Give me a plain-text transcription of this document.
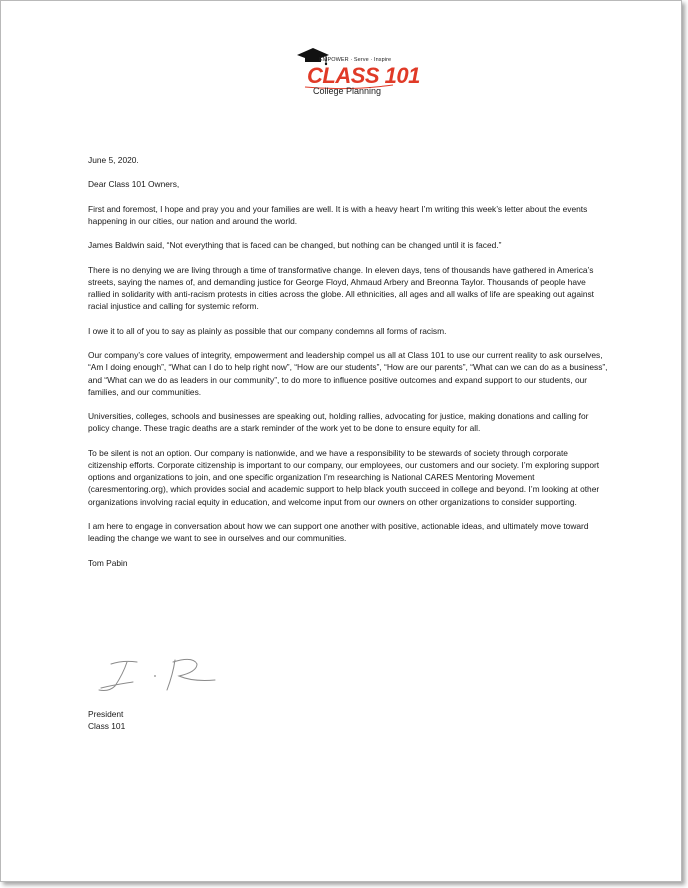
EMPOWER · Serve · Inspire
CLASS 101
College Planning

June 5, 2020.

Dear Class 101 Owners,

First and foremost, I hope and pray you and your families are well. It is with a heavy heart I’m writing this week’s letter about the events happening in our cities, our nation and around the world.

James Baldwin said, “Not everything that is faced can be changed, but nothing can be changed until it is faced.”

There is no denying we are living through a time of transformative change. In eleven days, tens of thousands have gathered in America’s streets, saying the names of, and demanding justice for George Floyd, Ahmaud Arbery and Breonna Taylor. Thousands of people have rallied in solidarity with anti-racism protests in cities across the globe. All ethnicities, all ages and all walks of life are speaking out against racial injustice and calling for systemic reform.

I owe it to all of you to say as plainly as possible that our company condemns all forms of racism.

Our company’s core values of integrity, empowerment and leadership compel us all at Class 101 to use our current reality to ask ourselves, “Am I doing enough”, “What can I do to help right now”, “How are our students”, “How are our parents”, “What can we can do as a business”, and “What can we do as leaders in our community”, to do more to influence positive outcomes and expand support to our students, our families, and our communities.

Universities, colleges, schools and businesses are speaking out, holding rallies, advocating for justice, making donations and calling for policy change. These tragic deaths are a stark reminder of the work yet to be done to ensure equity for all.

To be silent is not an option. Our company is nationwide, and we have a responsibility to be stewards of society through corporate citizenship efforts. Corporate citizenship is important to our company, our employees, our customers and our society. I’m exploring support options and organizations to join, and one specific organization I’m researching is National CARES Mentoring Movement (caresmentoring.org), which provides social and academic support to help black youth succeed in college and beyond. I’m looking at other organizations involving racial equity in education, and welcome input from our owners on other organizations to consider supporting.

I am here to engage in conversation about how we can support one another with positive, actionable ideas, and ultimately move toward leading the change we want to see in ourselves and our communities.

Tom Pabin

President
Class 101
